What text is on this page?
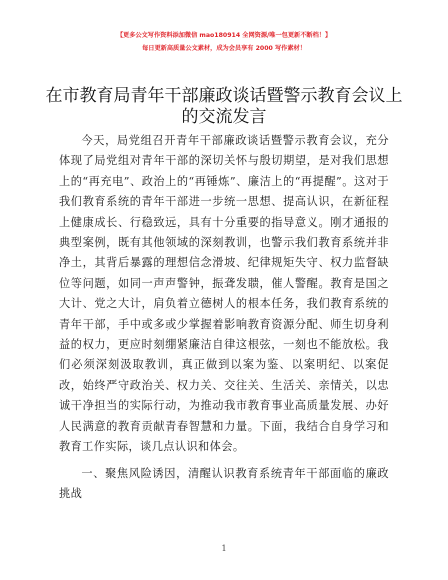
【更多公文写作资料添加微信 mao180914 全网资源/唯一包更新不断档！】
每日更新高质量公文素材，成为会员享有 2000 写作素材！
在市教育局青年干部廉政谈话暨警示教育会议上的交流发言

今天，局党组召开青年干部廉政谈话暨警示教育会议，充分体现了局党组对青年干部的深切关怀与殷切期望，是对我们思想上的“再充电”、政治上的“再锤炼”、廉洁上的“再提醒”。这对于我们教育系统的青年干部进一步统一思想、提高认识，在新征程上健康成长、行稳致远，具有十分重要的指导意义。刚才通报的典型案例，既有其他领域的深刻教训，也警示我们教育系统并非净土，其背后暴露的理想信念滑坡、纪律规矩失守、权力监督缺位等问题，如同一声声警钟，振聋发聩，催人警醒。教育是国之大计、党之大计，肩负着立德树人的根本任务，我们教育系统的青年干部，手中或多或少掌握着影响教育资源分配、师生切身利益的权力，更应时刻绷紧廉洁自律这根弦，一刻也不能放松。我们必须深刻汲取教训，真正做到以案为鉴、以案明纪、以案促改，始终严守政治关、权力关、交往关、生活关、亲情关，以忠诚干净担当的实际行动，为推动我市教育事业高质量发展、办好人民满意的教育贡献青春智慧和力量。下面，我结合自身学习和教育工作实际，谈几点认识和体会。

一、聚焦风险诱因，清醒认识教育系统青年干部面临的廉政挑战

1
